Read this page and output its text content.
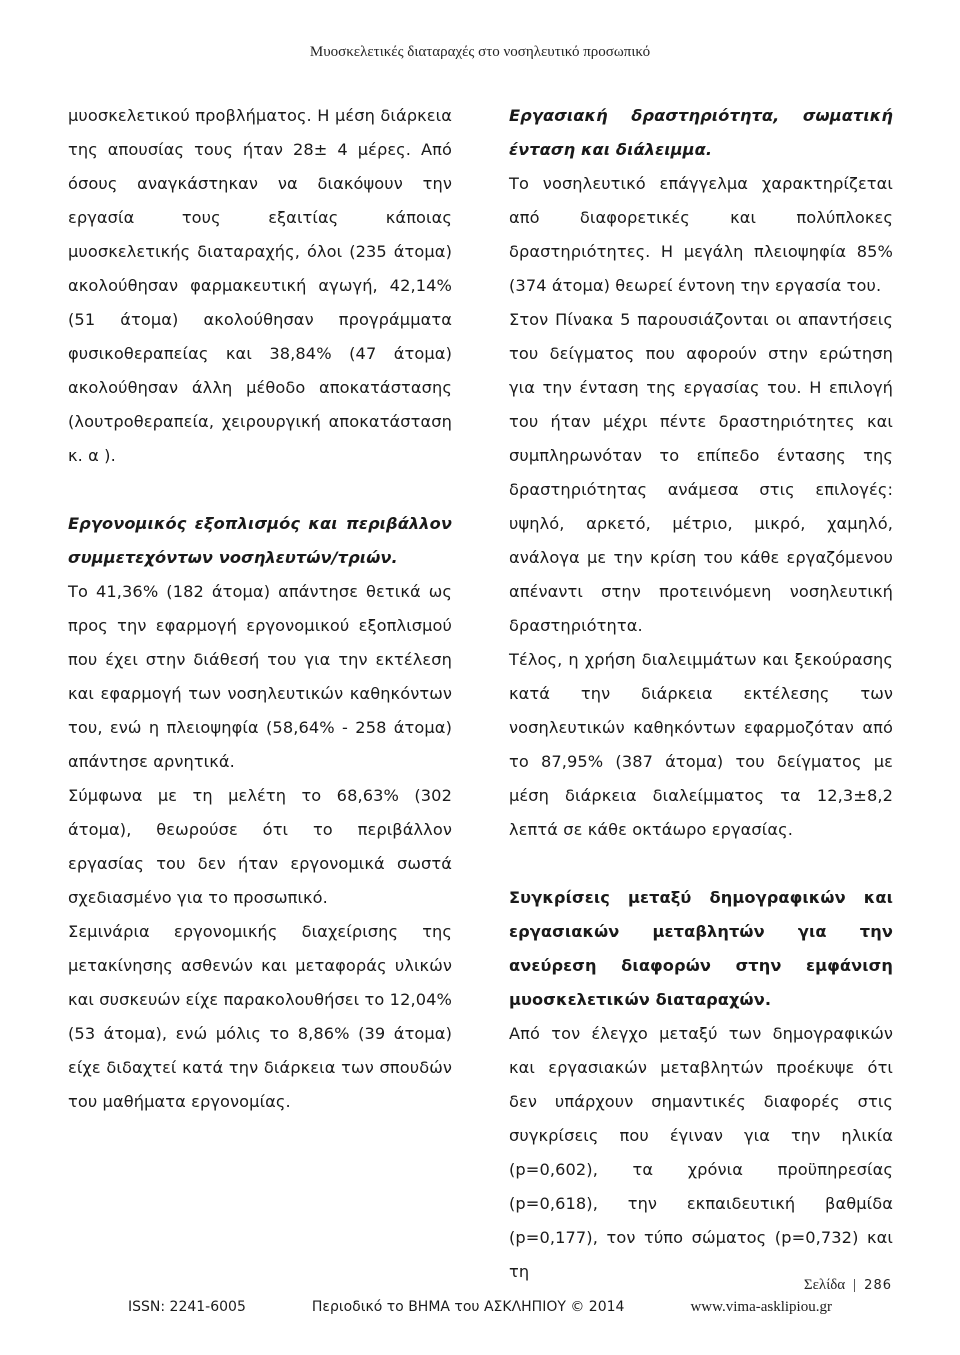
Μυοσκελετικές διαταραχές στο νοσηλευτικό προσωπικό

μυοσκελετικού προβλήματος. Η μέση διάρκεια της απουσίας τους ήταν 28± 4 μέρες. Από όσους αναγκάστηκαν να διακόψουν την εργασία τους εξαιτίας κάποιας μυοσκελετικής διαταραχής, όλοι (235 άτομα) ακολούθησαν φαρμακευτική αγωγή, 42,14% (51 άτομα) ακολούθησαν προγράμματα φυσικοθεραπείας και 38,84% (47 άτομα) ακολούθησαν άλλη μέθοδο αποκατάστασης (λουτροθεραπεία, χειρουργική αποκατάσταση κ. α ).

Εργονομικός εξοπλισμός και περιβάλλον συμμετεχόντων νοσηλευτών/τριών.

Το 41,36% (182 άτομα) απάντησε θετικά ως προς την εφαρμογή εργονομικού εξοπλισμού που έχει στην διάθεσή του για την εκτέλεση και εφαρμογή των νοσηλευτικών καθηκόντων του, ενώ η πλειοψηφία (58,64% - 258 άτομα) απάντησε αρνητικά.

Σύμφωνα με τη μελέτη το 68,63% (302 άτομα), θεωρούσε ότι το περιβάλλον εργασίας του δεν ήταν εργονομικά σωστά σχεδιασμένο για το προσωπικό.

Σεμινάρια εργονομικής διαχείρισης της μετακίνησης ασθενών και μεταφοράς υλικών και συσκευών είχε παρακολουθήσει το 12,04% (53 άτομα), ενώ μόλις το 8,86% (39 άτομα) είχε διδαχτεί κατά την διάρκεια των σπουδών του μαθήματα εργονομίας.

Εργασιακή δραστηριότητα, σωματική ένταση και διάλειμμα.

Το νοσηλευτικό επάγγελμα χαρακτηρίζεται από διαφορετικές και πολύπλοκες δραστηριότητες. Η μεγάλη πλειοψηφία 85% (374 άτομα) θεωρεί έντονη την εργασία του.

Στον Πίνακα 5 παρουσιάζονται οι απαντήσεις του δείγματος που αφορούν στην ερώτηση για την ένταση της εργασίας του. Η επιλογή του ήταν μέχρι πέντε δραστηριότητες και συμπληρωνόταν το επίπεδο έντασης της δραστηριότητας ανάμεσα στις επιλογές: υψηλό, αρκετό, μέτριο, μικρό, χαμηλό, ανάλογα με την κρίση του κάθε εργαζόμενου απέναντι στην προτεινόμενη νοσηλευτική δραστηριότητα.

Τέλος, η χρήση διαλειμμάτων και ξεκούρασης κατά την διάρκεια εκτέλεσης των νοσηλευτικών καθηκόντων εφαρμοζόταν από το 87,95% (387 άτομα) του δείγματος με μέση διάρκεια διαλείμματος τα 12,3±8,2 λεπτά σε κάθε οκτάωρο εργασίας.

Συγκρίσεις μεταξύ δημογραφικών και εργασιακών μεταβλητών για την ανεύρεση διαφορών στην εμφάνιση μυοσκελετικών διαταραχών.

Από τον έλεγχο μεταξύ των δημογραφικών και εργασιακών μεταβλητών προέκυψε ότι δεν υπάρχουν σημαντικές διαφορές στις συγκρίσεις που έγιναν για την ηλικία (p=0,602), τα χρόνια προϋπηρεσίας (p=0,618), την εκπαιδευτική βαθμίδα (p=0,177), τον τύπο σώματος (p=0,732) και τη

Σελίδα | 286
ISSN: 2241-6005	Περιοδικό το ΒΗΜΑ του ΑΣΚΛΗΠΙΟΥ © 2014	www.vima-asklipiou.gr
